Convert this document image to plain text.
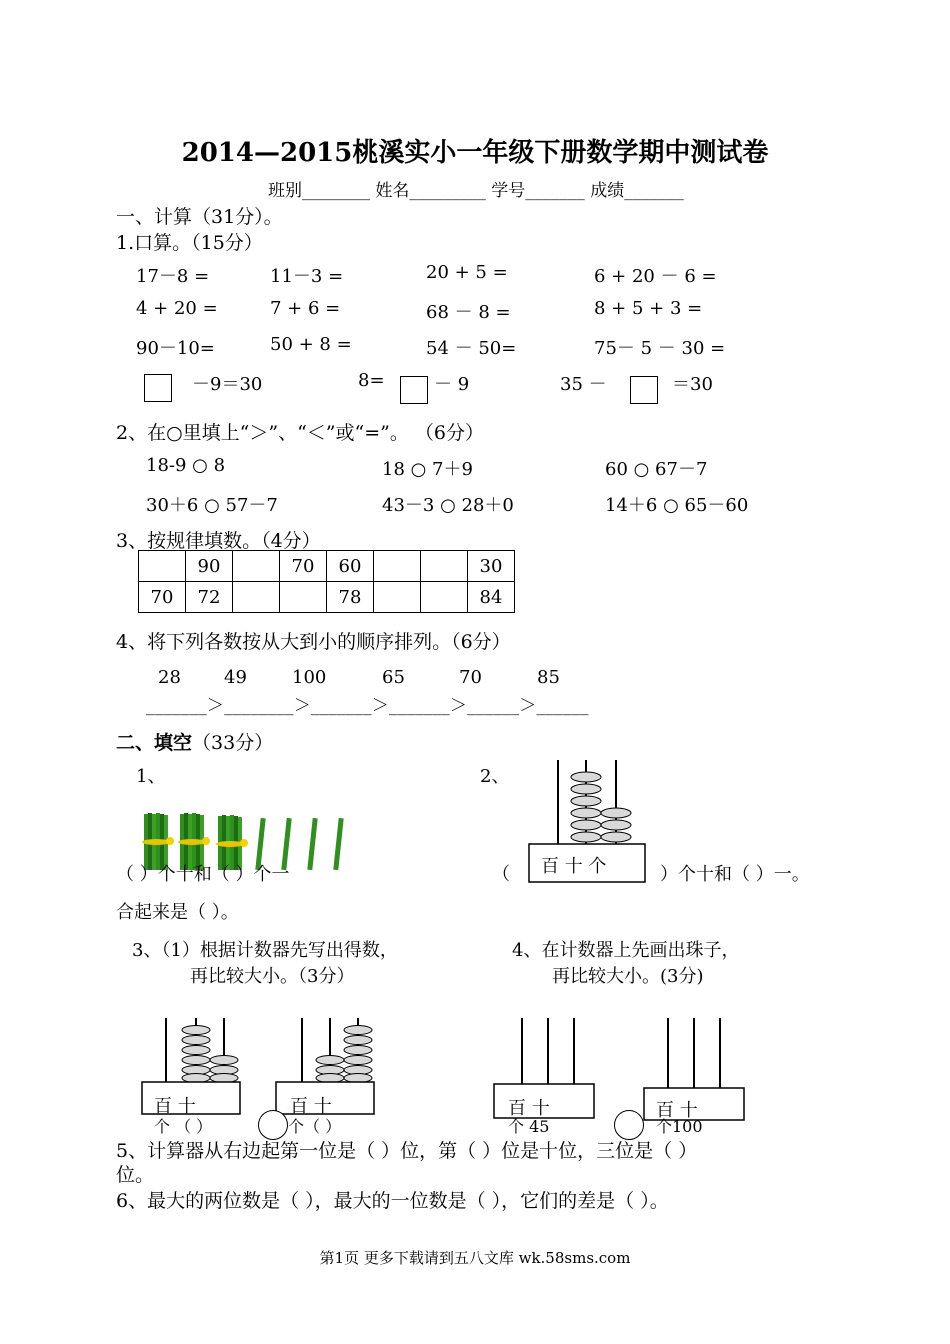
2014—2015桃溪实小一年级下册数学期中测试卷
班别________ 姓名_________ 学号_______ 成绩_______
一、计算（31分）。
1.口算。（15分）
17－8 =	11－3 =	20 + 5 =	6 + 20 － 6 =
4 + 20 =	7 + 6 =	68 － 8 =	8 + 5 + 3 =
90－10=	50 + 8 =	54 － 50=	75－ 5 － 30 =
－9＝30	8=	－ 9	35 －	＝30
2、在○里填上“＞”、“＜”或“=”。 （6分）
18-9 ○ 8	18 ○ 7＋9	60 ○ 67－7
30＋6 ○ 57－7	43－3 ○ 28＋0	14＋6 ○ 65－60
3、按规律填数。（4分）
	90		70	60			30
70	72			78			84
4、将下列各数按从大到小的顺序排列。（6分）
28 49	100	65	70	85
_______＞________＞_______＞_______＞______＞______
二、填空（33分）
1、	2、
（ ）个十和（ ）个一
合起来是（ ）。
百 十 个
（	）个十和（ ）一。
3、（1）根据计数器先写出得数，
再比较大小。（3分）
4、在计数器上先画出珠子，
再比较大小。(3分)
百 十	百 十	百 十	百 十
个 （ ）	个（ ）	个 45	个100
5、计算器从右边起第一位是（ ）位，第（ ）位是十位，三位是（ ）
位。
6、最大的两位数是（ ），最大的一位数是（ ），它们的差是（ ）。
第1页 更多下载请到五八文库 wk.58sms.com
